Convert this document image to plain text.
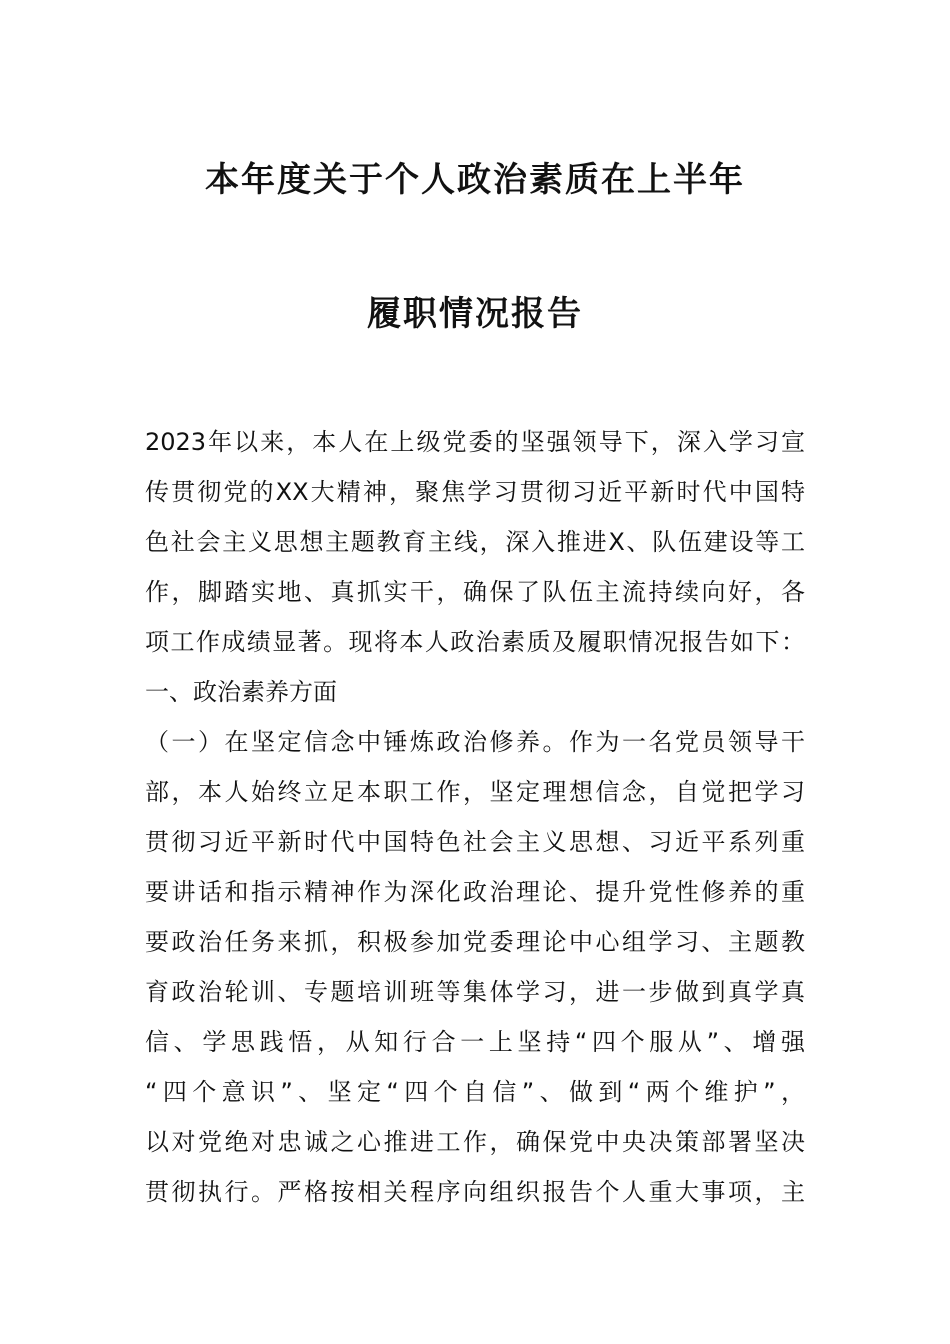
本年度关于个人政治素质在上半年
履职情况报告
2023年以来，本人在上级党委的坚强领导下，深入学习宣
传贯彻党的XX大精神，聚焦学习贯彻习近平新时代中国特
色社会主义思想主题教育主线，深入推进X、队伍建设等工
作，脚踏实地、真抓实干，确保了队伍主流持续向好，各
项工作成绩显著。现将本人政治素质及履职情况报告如下：
一、政治素养方面
（一）在坚定信念中锤炼政治修养。作为一名党员领导干
部，本人始终立足本职工作，坚定理想信念，自觉把学习
贯彻习近平新时代中国特色社会主义思想、习近平系列重
要讲话和指示精神作为深化政治理论、提升党性修养的重
要政治任务来抓，积极参加党委理论中心组学习、主题教
育政治轮训、专题培训班等集体学习，进一步做到真学真
信、学思践悟，从知行合一上坚持“四个服从”、增强
“四个意识”、坚定“四个自信”、做到“两个维护”，
以对党绝对忠诚之心推进工作，确保党中央决策部署坚决
贯彻执行。严格按相关程序向组织报告个人重大事项，主
